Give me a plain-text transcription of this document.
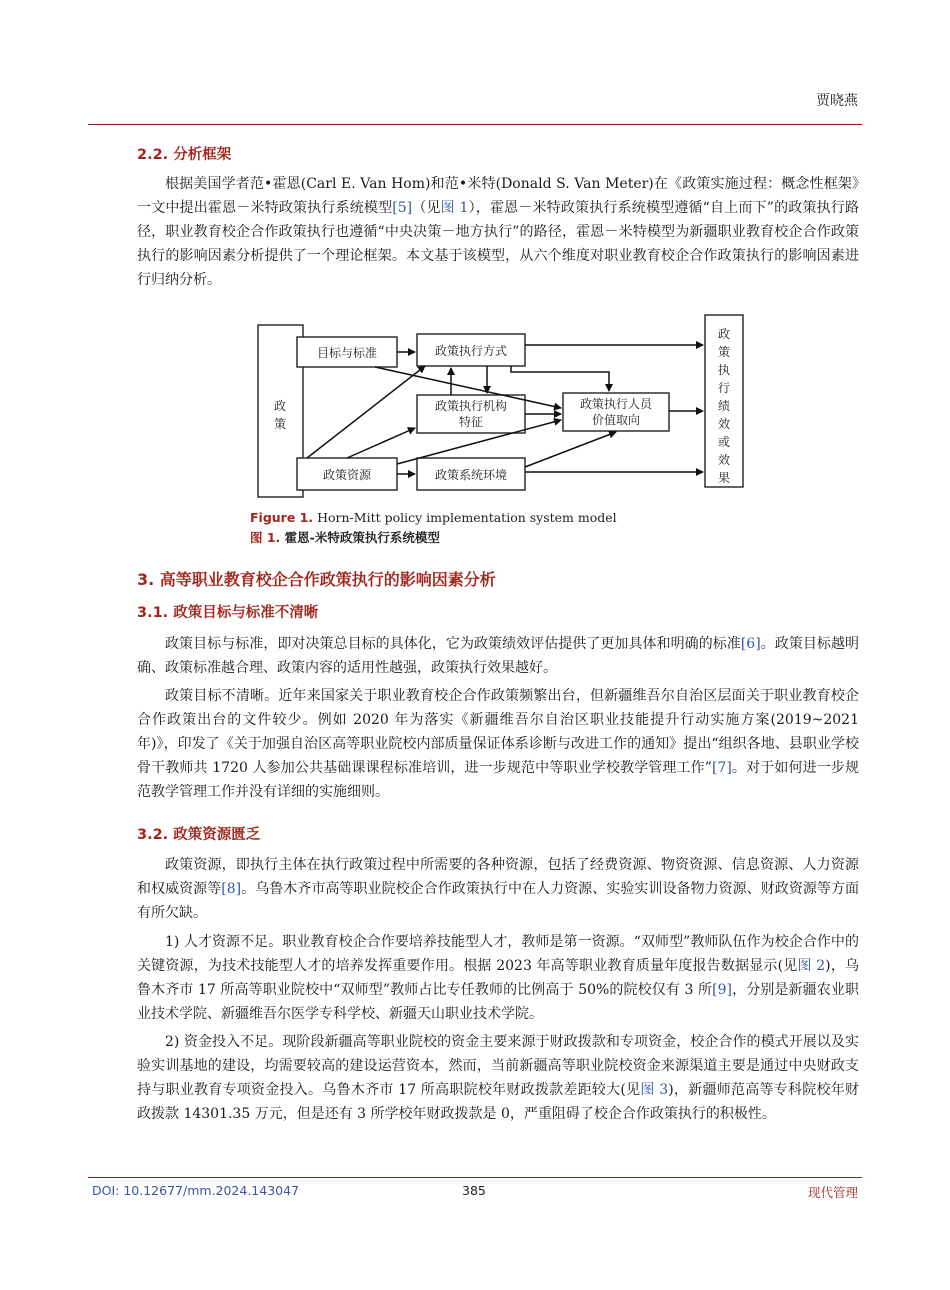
贾晓燕
2.2. 分析框架
根据美国学者范•霍恩(Carl E. Van Hom)和范•米特(Donald S. Van Meter)在《政策实施过程：概念性框架》一文中提出霍恩－米特政策执行系统模型[5]（见图 1），霍恩－米特政策执行系统模型遵循“自上而下”的政策执行路径，职业教育校企合作政策执行也遵循“中央决策－地方执行”的路径，霍恩－米特模型为新疆职业教育校企合作政策执行的影响因素分析提供了一个理论框架。本文基于该模型，从六个维度对职业教育校企合作政策执行的影响因素进行归纳分析。
政
策
目标与标准	政策执行方式
政策执行机构
特征
政策执行人员
价值取向
政策资源	政策系统环境
政
策
执
行
绩
效
或
效
果
Figure 1. Horn-Mitt policy implementation system model
图 1. 霍恩-米特政策执行系统模型
3. 高等职业教育校企合作政策执行的影响因素分析
3.1. 政策目标与标准不清晰
政策目标与标准，即对决策总目标的具体化，它为政策绩效评估提供了更加具体和明确的标准[6]。政策目标越明确、政策标准越合理、政策内容的适用性越强，政策执行效果越好。
政策目标不清晰。近年来国家关于职业教育校企合作政策频繁出台，但新疆维吾尔自治区层面关于职业教育校企合作政策出台的文件较少。例如 2020 年为落实《新疆维吾尔自治区职业技能提升行动实施方案(2019~2021 年)》，印发了《关于加强自治区高等职业院校内部质量保证体系诊断与改进工作的通知》提出“组织各地、县职业学校骨干教师共 1720 人参加公共基础课课程标准培训，进一步规范中等职业学校教学管理工作”[7]。对于如何进一步规范教学管理工作并没有详细的实施细则。
3.2. 政策资源匮乏
政策资源，即执行主体在执行政策过程中所需要的各种资源，包括了经费资源、物资资源、信息资源、人力资源和权威资源等[8]。乌鲁木齐市高等职业院校企合作政策执行中在人力资源、实验实训设备物力资源、财政资源等方面有所欠缺。
1) 人才资源不足。职业教育校企合作要培养技能型人才，教师是第一资源。“双师型”教师队伍作为校企合作中的关键资源，为技术技能型人才的培养发挥重要作用。根据 2023 年高等职业教育质量年度报告数据显示(见图 2)，乌鲁木齐市 17 所高等职业院校中“双师型”教师占比专任教师的比例高于 50%的院校仅有 3 所[9]，分别是新疆农业职业技术学院、新疆维吾尔医学专科学校、新疆天山职业技术学院。
2) 资金投入不足。现阶段新疆高等职业院校的资金主要来源于财政拨款和专项资金，校企合作的模式开展以及实验实训基地的建设，均需要较高的建设运营资本，然而，当前新疆高等职业院校资金来源渠道主要是通过中央财政支持与职业教育专项资金投入。乌鲁木齐市 17 所高职院校年财政拨款差距较大(见图 3)，新疆师范高等专科院校年财政拨款 14301.35 万元，但是还有 3 所学校年财政拨款是 0，严重阻碍了校企合作政策执行的积极性。
DOI: 10.12677/mm.2024.143047	385	现代管理
